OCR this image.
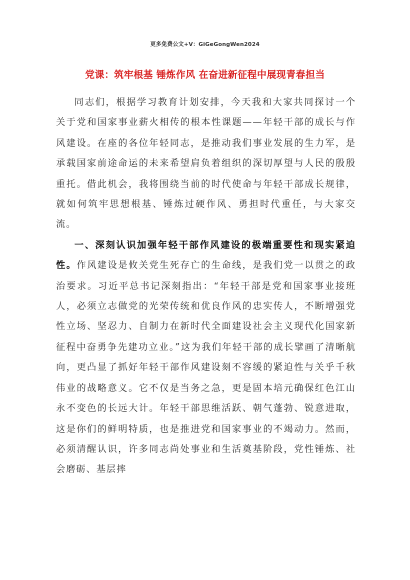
更多免费公文+V：GiGeGongWen2024
党课：筑牢根基 锤炼作风 在奋进新征程中展现青春担当

同志们，根据学习教育计划安排，今天我和大家共同探讨一个关于党和国家事业薪火相传的根本性课题——年轻干部的成长与作风建设。在座的各位年轻同志，是推动我们事业发展的生力军，是承载国家前途命运的未来希望肩负着组织的深切厚望与人民的殷殷重托。借此机会，我将围绕当前的时代使命与年轻干部成长规律，就如何筑牢思想根基、锤炼过硬作风、勇担时代重任，与大家交流。

一、深刻认识加强年轻干部作风建设的极端重要性和现实紧迫性。作风建设是攸关党生死存亡的生命线，是我们党一以贯之的政治要求。习近平总书记深刻指出：“年轻干部是党和国家事业接班人，必须立志做党的光荣传统和优良作风的忠实传人，不断增强党性立场、坚忍力、自制力在新时代全面建设社会主义现代化国家新征程中奋勇争先建功立业。”这为我们年轻干部的成长擘画了清晰航向，更凸显了抓好年轻干部作风建设刻不容缓的紧迫性与关乎千秋伟业的战略意义。它不仅是当务之急，更是固本培元确保红色江山永不变色的长远大计。年轻干部思维活跃、朝气蓬勃、锐意进取，这是你们的鲜明特质，也是推进党和国家事业的不竭动力。然而，必须清醒认识，许多同志尚处事业和生活奠基阶段，党性锤炼、社会磨砺、基层摔
